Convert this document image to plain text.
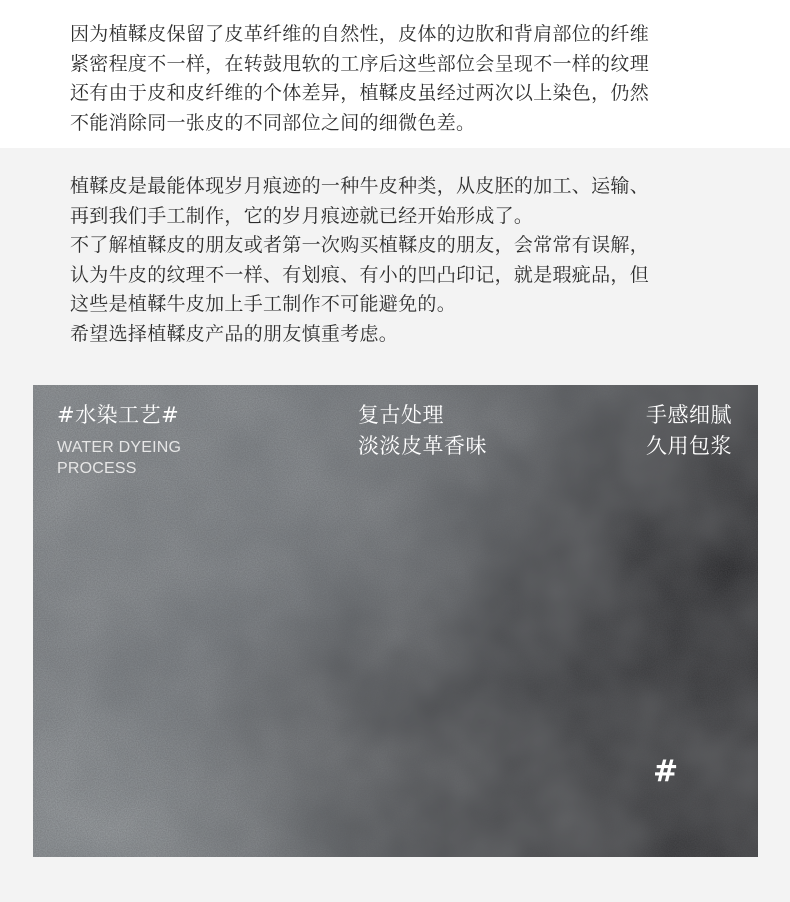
因为植鞣皮保留了皮革纤维的自然性，皮体的边肷和背肩部位的纤维
紧密程度不一样，在转鼓甩软的工序后这些部位会呈现不一样的纹理
还有由于皮和皮纤维的个体差异，植鞣皮虽经过两次以上染色，仍然
不能消除同一张皮的不同部位之间的细微色差。
植鞣皮是最能体现岁月痕迹的一种牛皮种类，从皮胚的加工、运输、
再到我们手工制作，它的岁月痕迹就已经开始形成了。
不了解植鞣皮的朋友或者第一次购买植鞣皮的朋友，会常常有误解，
认为牛皮的纹理不一样、有划痕、有小的凹凸印记，就是瑕疵品，但
这些是植鞣牛皮加上手工制作不可能避免的。
希望选择植鞣皮产品的朋友慎重考虑。
#水染工艺#
WATER DYEING
PROCESS
复古处理
淡淡皮革香味
手感细腻
久用包浆
#
